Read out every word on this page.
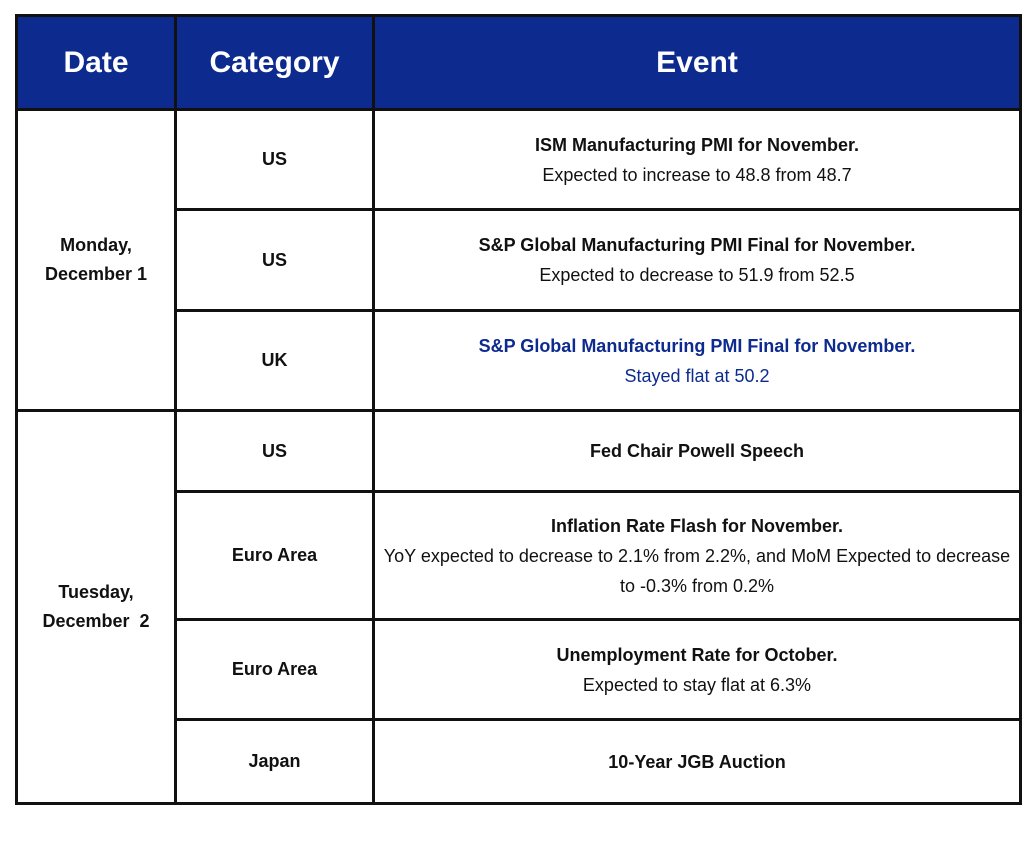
Date	Category	Event
Monday,
December 1	US	ISM Manufacturing PMI for November.
Expected to increase to 48.8 from 48.7

	US	S&P Global Manufacturing PMI Final for November.
Expected to decrease to 51.9 from 52.5

	UK	S&P Global Manufacturing PMI Final for November.
Stayed flat at 50.2

Tuesday,
December  2	US	Fed Chair Powell Speech

	Euro Area	Inflation Rate Flash for November.
YoY expected to decrease to 2.1% from 2.2%, and MoM Expected to decrease to -0.3% from 0.2%

	Euro Area	Unemployment Rate for October.
Expected to stay flat at 6.3%

	Japan	10-Year JGB Auction
